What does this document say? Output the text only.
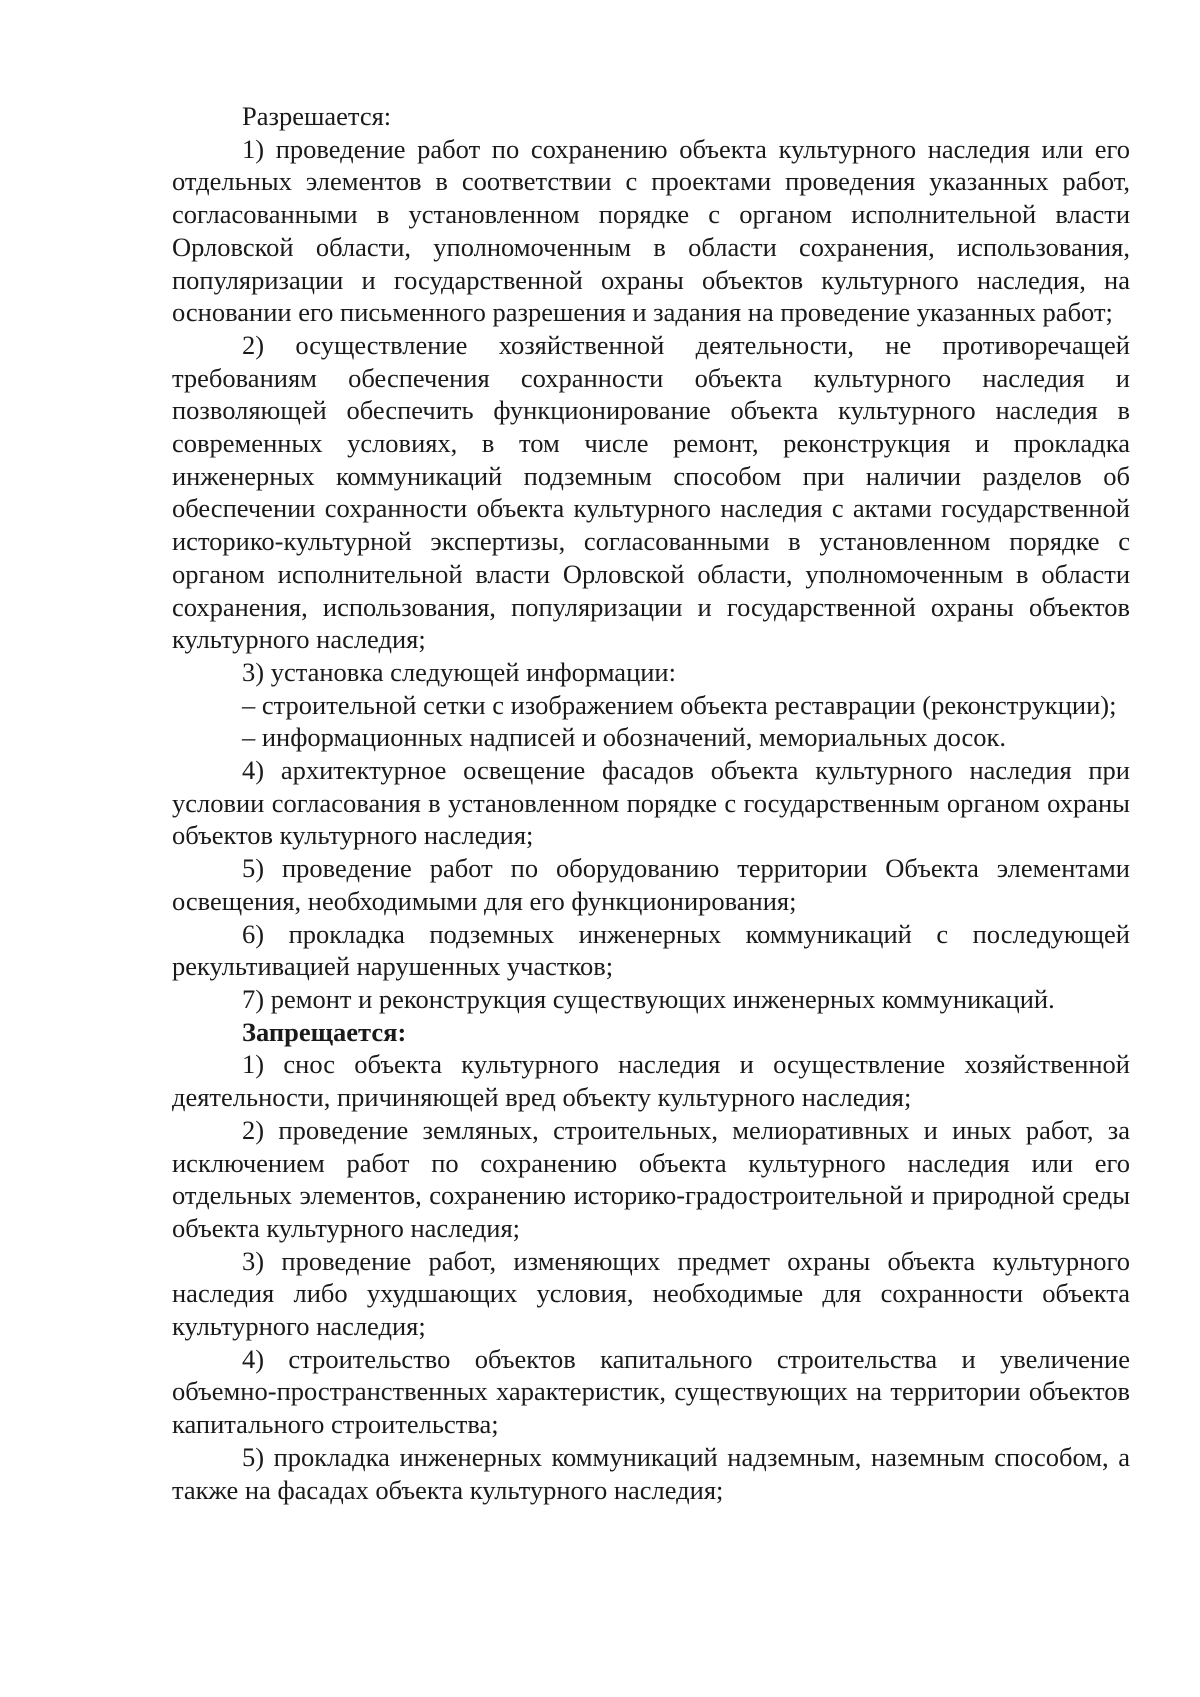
Разрешается:

1) проведение работ по сохранению объекта культурного наследия или его отдельных элементов в соответствии с проектами проведения указанных работ, согласованными в установленном порядке с органом исполнительной власти Орловской области, уполномоченным в области сохранения, использования, популяризации и государственной охраны объектов культурного наследия, на основании его письменного разрешения и задания на проведение указанных работ;

2) осуществление хозяйственной деятельности, не противоречащей требованиям обеспечения сохранности объекта культурного наследия и позволяющей обеспечить функционирование объекта культурного наследия в современных условиях, в том числе ремонт, реконструкция и прокладка инженерных коммуникаций подземным способом при наличии разделов об обеспечении сохранности объекта культурного наследия с актами государственной историко-культурной экспертизы, согласованными в установленном порядке с органом исполнительной власти Орловской области, уполномоченным в области сохранения, использования, популяризации и государственной охраны объектов культурного наследия;

3) установка следующей информации:

– строительной сетки с изображением объекта реставрации (реконструкции);

– информационных надписей и обозначений, мемориальных досок.

4) архитектурное освещение фасадов объекта культурного наследия при условии согласования в установленном порядке с государственным органом охраны объектов культурного наследия;

5) проведение работ по оборудованию территории Объекта элементами освещения, необходимыми для его функционирования;

6) прокладка подземных инженерных коммуникаций с последующей рекультивацией нарушенных участков;

7) ремонт и реконструкция существующих инженерных коммуникаций.

Запрещается:

1) снос объекта культурного наследия и осуществление хозяйственной деятельности, причиняющей вред объекту культурного наследия;

2) проведение земляных, строительных, мелиоративных и иных работ, за исключением работ по сохранению объекта культурного наследия или его отдельных элементов, сохранению историко-градостроительной и природной среды объекта культурного наследия;

3) проведение работ, изменяющих предмет охраны объекта культурного наследия либо ухудшающих условия, необходимые для сохранности объекта культурного наследия;

4) строительство объектов капитального строительства и увеличение объемно-пространственных характеристик, существующих на территории объектов капитального строительства;

5) прокладка инженерных коммуникаций надземным, наземным способом, а также на фасадах объекта культурного наследия;
